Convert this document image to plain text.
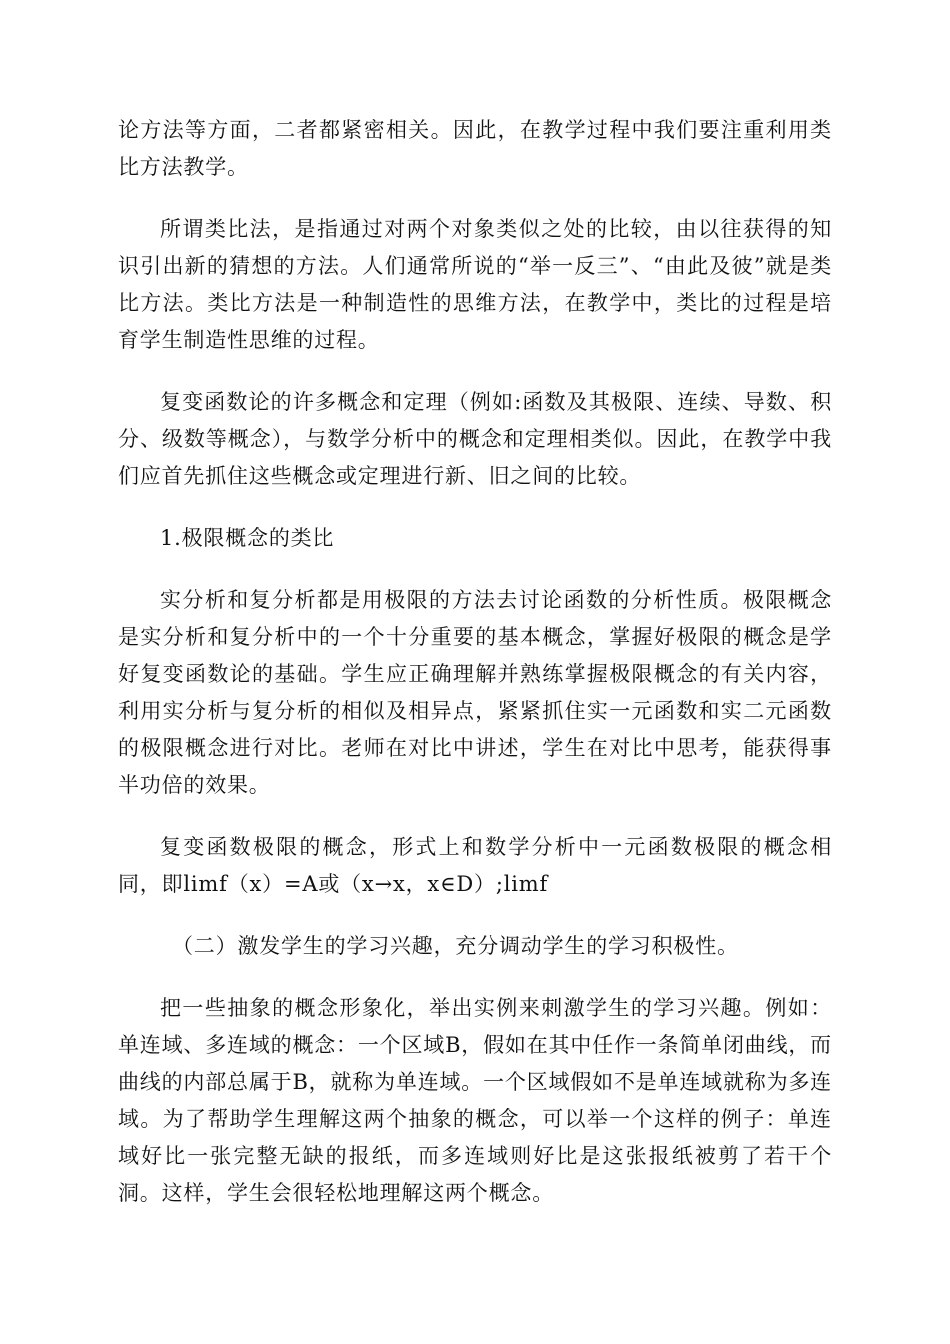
论方法等方面，二者都紧密相关。因此，在教学过程中我们要注重利用类比方法教学。

所谓类比法，是指通过对两个对象类似之处的比较，由以往获得的知识引出新的猜想的方法。人们通常所说的“举一反三”、“由此及彼”就是类比方法。类比方法是一种制造性的思维方法，在教学中，类比的过程是培育学生制造性思维的过程。

复变函数论的许多概念和定理（例如:函数及其极限、连续、导数、积分、级数等概念），与数学分析中的概念和定理相类似。因此，在教学中我们应首先抓住这些概念或定理进行新、旧之间的比较。

1.极限概念的类比

实分析和复分析都是用极限的方法去讨论函数的分析性质。极限概念是实分析和复分析中的一个十分重要的基本概念，掌握好极限的概念是学好复变函数论的基础。学生应正确理解并熟练掌握极限概念的有关内容，利用实分析与复分析的相似及相异点，紧紧抓住实一元函数和实二元函数的极限概念进行对比。老师在对比中讲述，学生在对比中思考，能获得事半功倍的效果。

复变函数极限的概念，形式上和数学分析中一元函数极限的概念相同，即limf（x）=A或（x→x，x∈D）;limf

（二）激发学生的学习兴趣，充分调动学生的学习积极性。

把一些抽象的概念形象化，举出实例来刺激学生的学习兴趣。例如：单连域、多连域的概念：一个区域B，假如在其中任作一条简单闭曲线，而曲线的内部总属于B，就称为单连域。一个区域假如不是单连域就称为多连域。为了帮助学生理解这两个抽象的概念，可以举一个这样的例子：单连域好比一张完整无缺的报纸，而多连域则好比是这张报纸被剪了若干个洞。这样，学生会很轻松地理解这两个概念。
